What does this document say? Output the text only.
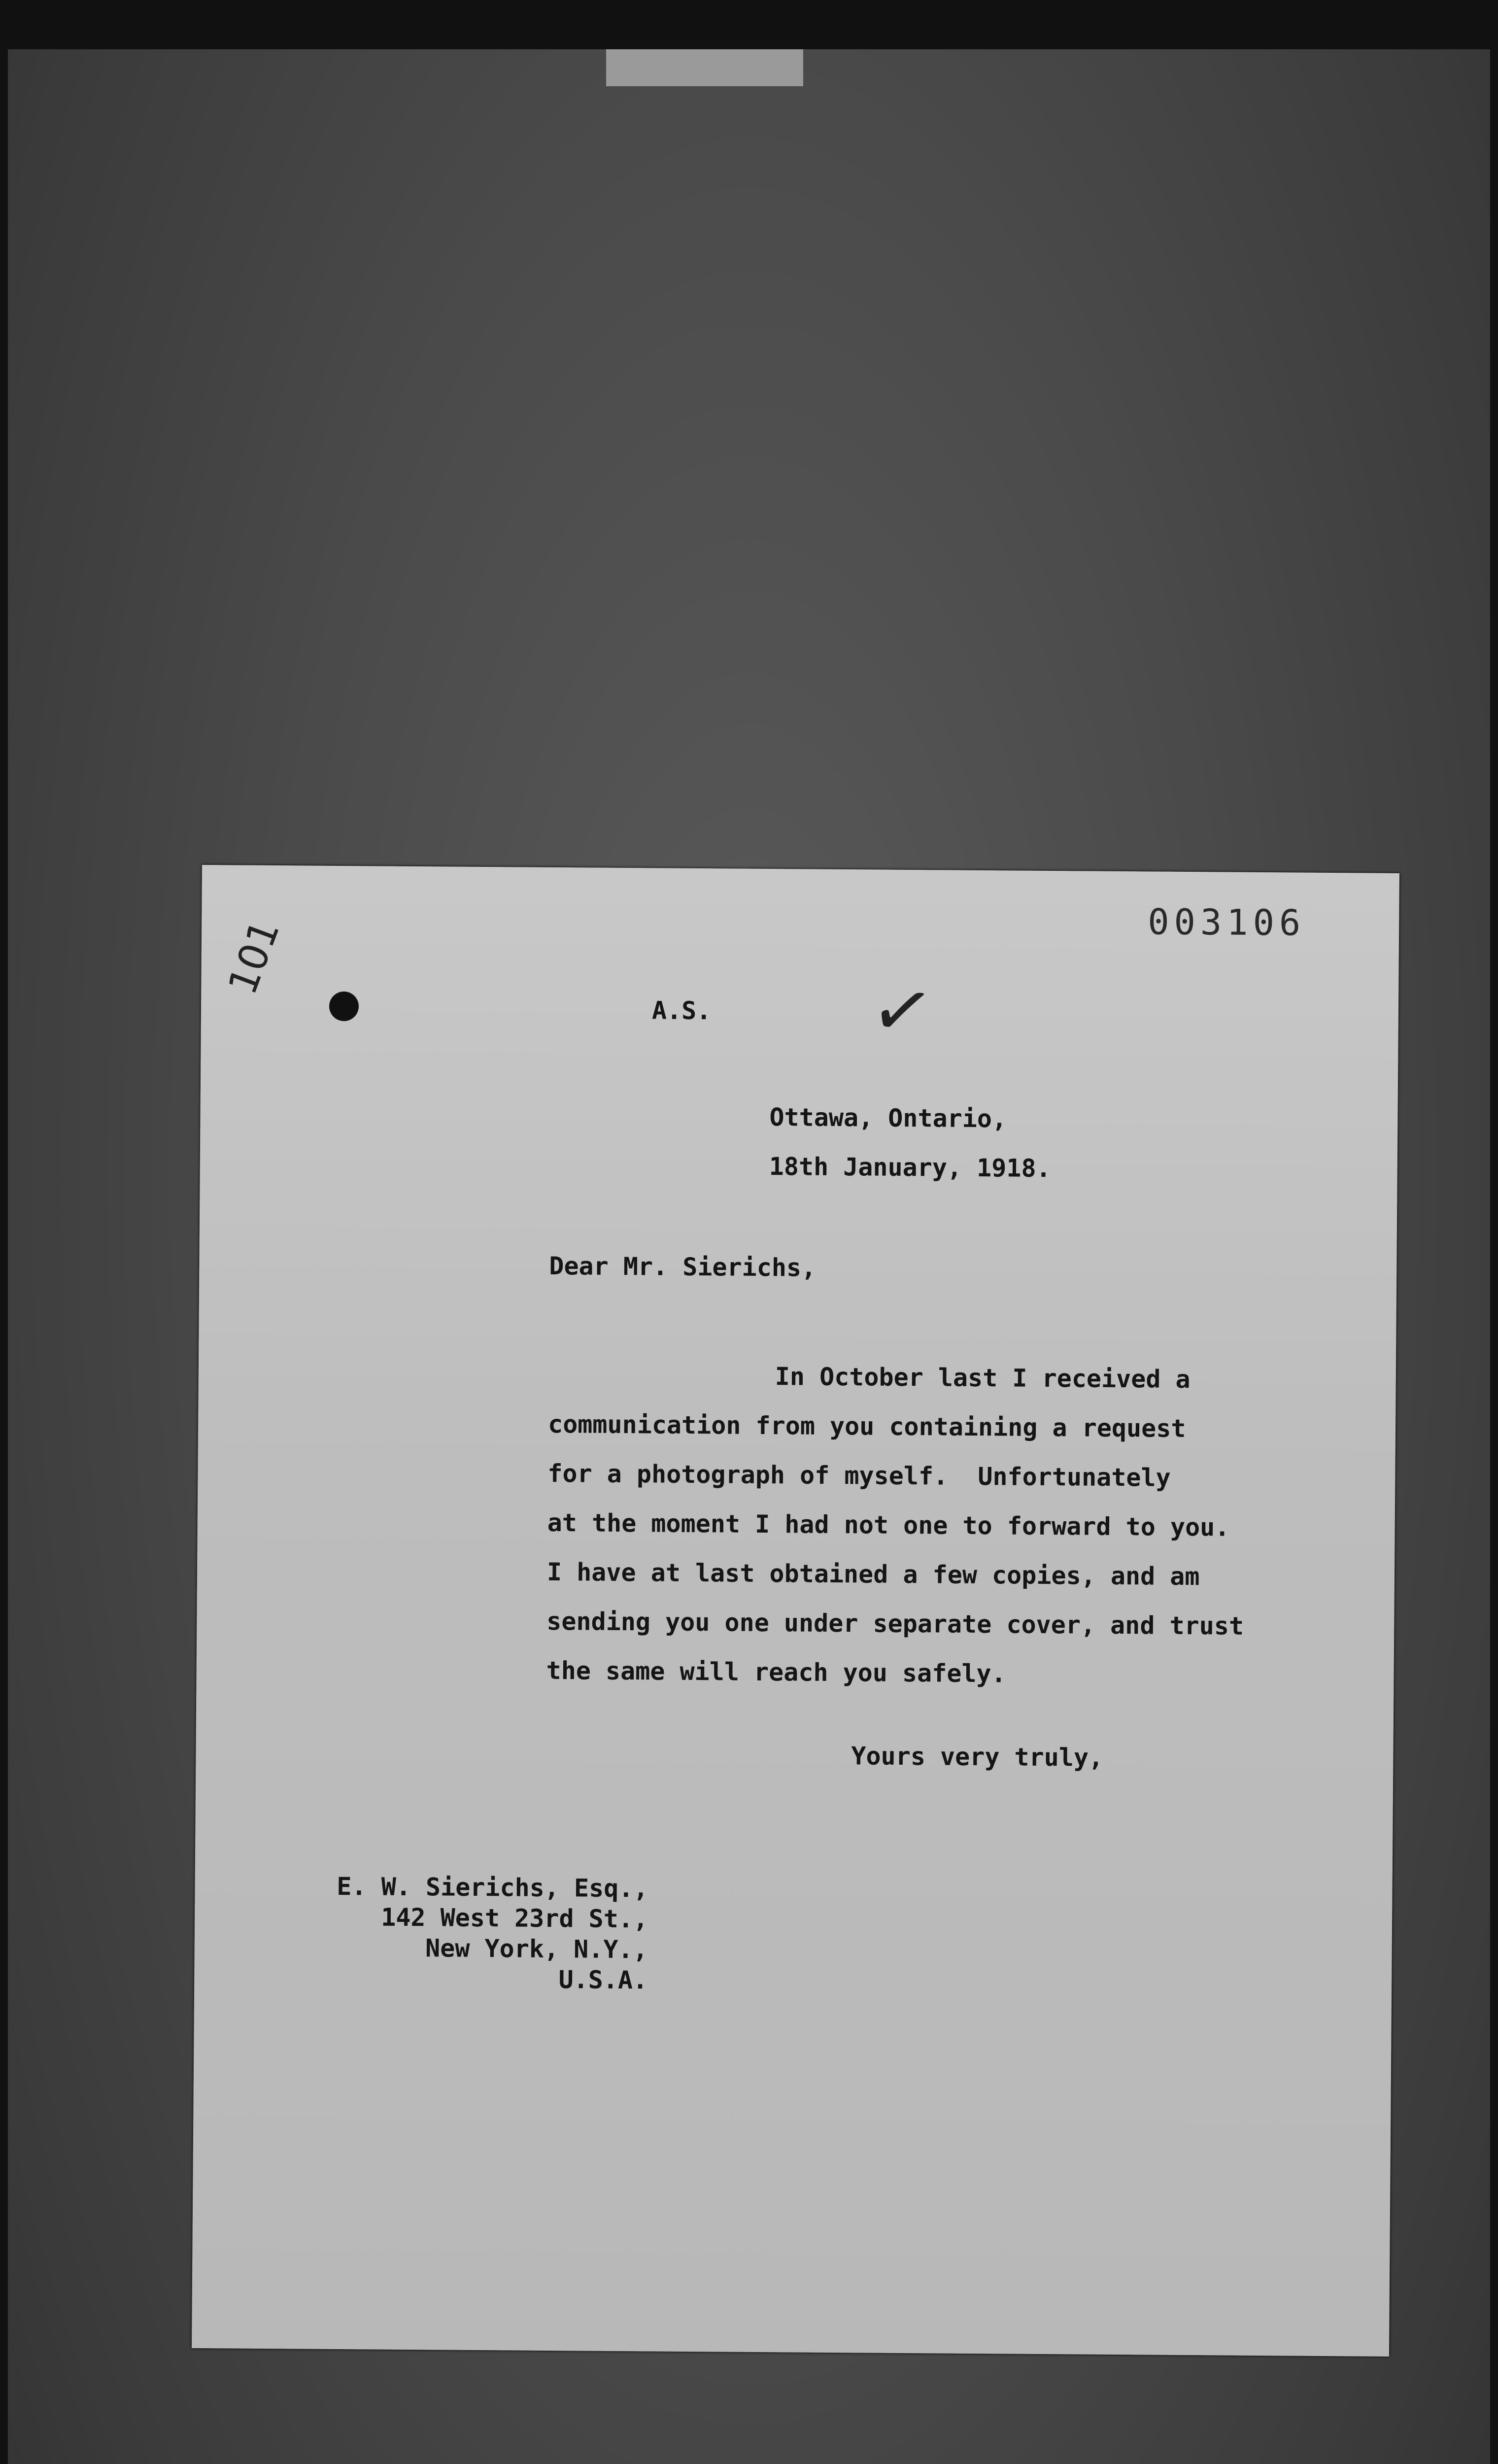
003106
101
✓
A.S.
Ottawa, Ontario,
18th January, 1918.
Dear Mr. Sierichs,
In October last I received a
communication from you containing a request
for a photograph of myself.  Unfortunately
at the moment I had not one to forward to you.
I have at last obtained a few copies, and am
sending you one under separate cover, and trust
the same will reach you safely.
Yours very truly,
E. W. Sierichs, Esq.,
142 West 23rd St.,
New York, N.Y.,
U.S.A.
